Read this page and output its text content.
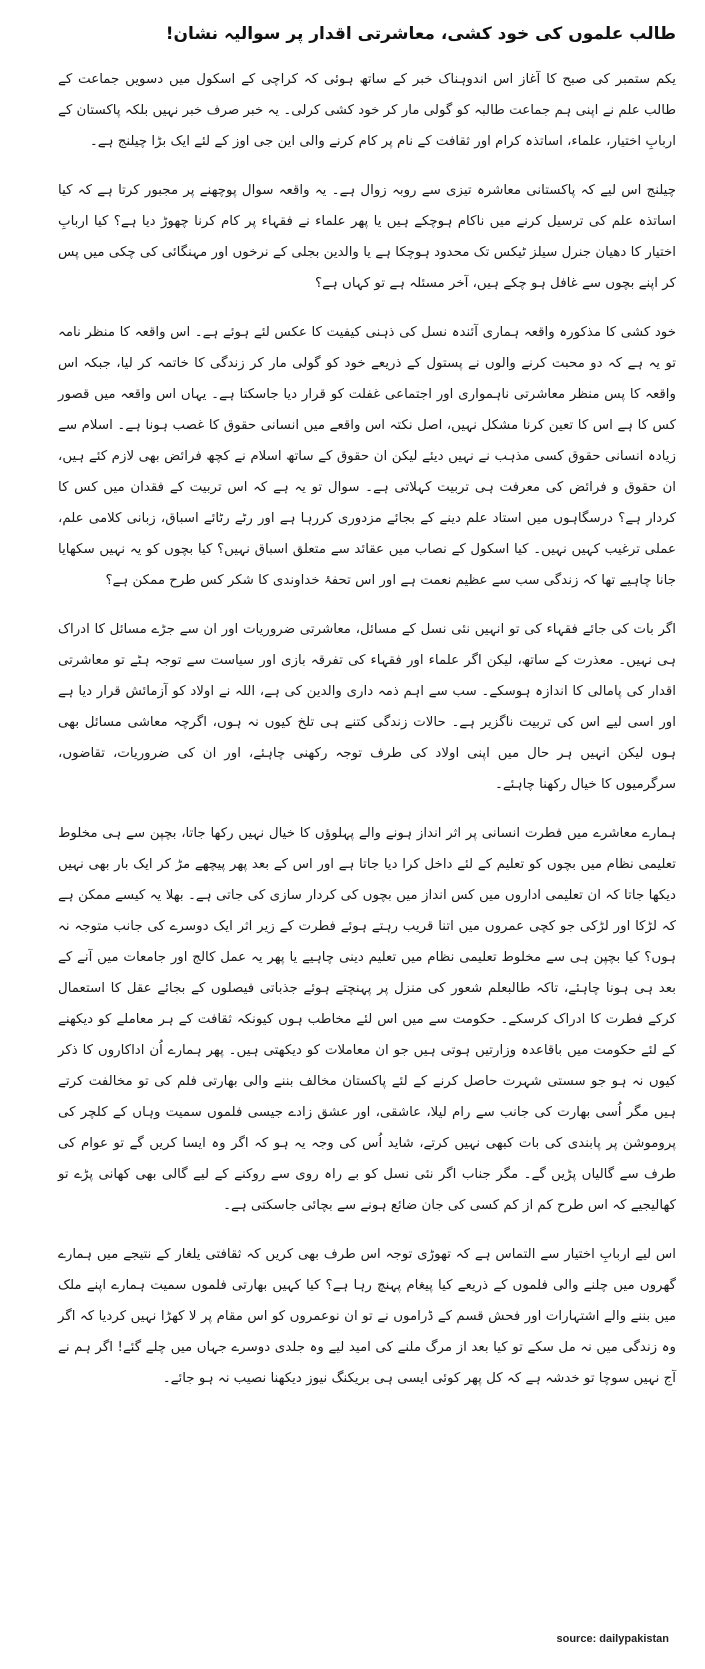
طالب علموں کی خود کشی، معاشرتی اقدار پر سوالیہ نشان!

یکم ستمبر کی صبح کا آغاز اس اندوہناک خبر کے ساتھ ہوئی کہ کراچی کے اسکول میں دسویں جماعت کے طالب علم نے اپنی ہم جماعت طالبہ کو گولی مار کر خود کشی کرلی۔ یہ خبر صرف خبر نہیں بلکہ پاکستان کے اربابِ اختیار، علماء، اساتذہ کرام اور ثقافت کے نام پر کام کرنے والی این جی اوز کے لئے ایک بڑا چیلنج ہے۔

چیلنج اس لیے کہ پاکستانی معاشرہ تیزی سے روبہ زوال ہے۔ یہ واقعہ سوال پوچھنے پر مجبور کرتا ہے کہ کیا اساتذہ علم کی ترسیل کرنے میں ناکام ہوچکے ہیں یا پھر علماء نے فقہاء پر کام کرنا چھوڑ دیا ہے؟ کیا اربابِ اختیار کا دھیان جنرل سیلز ٹیکس تک محدود ہوچکا ہے یا والدین بجلی کے نرخوں اور مہنگائی کی چکی میں پس کر اپنے بچوں سے غافل ہو چکے ہیں، آخر مسئلہ ہے تو کہاں ہے؟

خود کشی کا مذکورہ واقعہ ہماری آئندہ نسل کی ذہنی کیفیت کا عکس لئے ہوئے ہے۔ اس واقعہ کا منظر نامہ تو یہ ہے کہ دو محبت کرنے والوں نے پستول کے ذریعے خود کو گولی مار کر زندگی کا خاتمہ کر لیا، جبکہ اس واقعہ کا پس منظر معاشرتی ناہمواری اور اجتماعی غفلت کو قرار دیا جاسکتا ہے۔ یہاں اس واقعہ میں قصور کس کا ہے اس کا تعین کرنا مشکل نہیں، اصل نکتہ اس واقعے میں انسانی حقوق کا غصب ہونا ہے۔ اسلام سے زیادہ انسانی حقوق کسی مذہب نے نہیں دیئے لیکن ان حقوق کے ساتھ اسلام نے کچھ فرائض بھی لازم کئے ہیں، ان حقوق و فرائض کی معرفت ہی تربیت کہلاتی ہے۔ سوال تو یہ ہے کہ اس تربیت کے فقدان میں کس کا کردار ہے؟ درسگاہوں میں استاد علم دینے کے بجائے مزدوری کررہا ہے اور رٹے رٹائے اسباق، زبانی کلامی علم، عملی ترغیب کہیں نہیں۔ کیا اسکول کے نصاب میں عقائد سے متعلق اسباق نہیں؟ کیا بچوں کو یہ نہیں سکھایا جانا چاہیے تھا کہ زندگی سب سے عظیم نعمت ہے اور اس تحفۂ خداوندی کا شکر کس طرح ممکن ہے؟

اگر بات کی جائے فقہاء کی تو انہیں نئی نسل کے مسائل، معاشرتی ضروریات اور ان سے جڑے مسائل کا ادراک ہی نہیں۔ معذرت کے ساتھ، لیکن اگر علماء اور فقہاء کی تفرقہ بازی اور سیاست سے توجہ ہٹے تو معاشرتی اقدار کی پامالی کا اندازہ ہوسکے۔ سب سے اہم ذمہ داری والدین کی ہے، اللہ نے اولاد کو آزمائش قرار دیا ہے اور اسی لیے اس کی تربیت ناگزیر ہے۔ حالات زندگی کتنے ہی تلخ کیوں نہ ہوں، اگرچہ معاشی مسائل بھی ہوں لیکن انہیں ہر حال میں اپنی اولاد کی طرف توجہ رکھنی چاہئے، اور ان کی ضروریات، تقاضوں، سرگرمیوں کا خیال رکھنا چاہئے۔

ہمارے معاشرے میں فطرت انسانی پر اثر انداز ہونے والے پہلوؤں کا خیال نہیں رکھا جاتا، بچپن سے ہی مخلوط تعلیمی نظام میں بچوں کو تعلیم کے لئے داخل کرا دیا جاتا ہے اور اس کے بعد پھر پیچھے مڑ کر ایک بار بھی نہیں دیکھا جاتا کہ ان تعلیمی اداروں میں کس انداز میں بچوں کی کردار سازی کی جاتی ہے۔ بھلا یہ کیسے ممکن ہے کہ لڑکا اور لڑکی جو کچی عمروں میں اتنا قریب رہتے ہوئے فطرت کے زیر اثر ایک دوسرے کی جانب متوجہ نہ ہوں؟ کیا بچپن ہی سے مخلوط تعلیمی نظام میں تعلیم دینی چاہیے یا پھر یہ عمل کالج اور جامعات میں آنے کے بعد ہی ہونا چاہئے، تاکہ طالبعلم شعور کی منزل پر پہنچتے ہوئے جذباتی فیصلوں کے بجائے عقل کا استعمال کرکے فطرت کا ادراک کرسکے۔ حکومت سے میں اس لئے مخاطب ہوں کیونکہ ثقافت کے ہر معاملے کو دیکھنے کے لئے حکومت میں باقاعدہ وزارتیں ہوتی ہیں جو ان معاملات کو دیکھتی ہیں۔ پھر ہمارے اُن اداکاروں کا ذکر کیوں نہ ہو جو سستی شہرت حاصل کرنے کے لئے پاکستان مخالف بننے والی بھارتی فلم کی تو مخالفت کرتے ہیں مگر اُسی بھارت کی جانب سے رام لیلا، عاشقی، اور عشق زادے جیسی فلموں سمیت وہاں کے کلچر کی پروموشن پر پابندی کی بات کبھی نہیں کرتے، شاید اُس کی وجہ یہ ہو کہ اگر وہ ایسا کریں گے تو عوام کی طرف سے گالیاں پڑیں گے۔ مگر جناب اگر نئی نسل کو بے راہ روی سے روکنے کے لیے گالی بھی کھانی پڑے تو کھالیجیے کہ اس طرح کم از کم کسی کی جان ضائع ہونے سے بچائی جاسکتی ہے۔

اس لیے اربابِ اختیار سے التماس ہے کہ تھوڑی توجہ اس طرف بھی کریں کہ ثقافتی یلغار کے نتیجے میں ہمارے گھروں میں چلنے والی فلموں کے ذریعے کیا پیغام پہنچ رہا ہے؟ کیا کہیں بھارتی فلموں سمیت ہمارے اپنے ملک میں بننے والے اشتہارات اور فحش قسم کے ڈراموں نے تو ان نوعمروں کو اس مقام پر لا کھڑا نہیں کردیا کہ اگر وہ زندگی میں نہ مل سکے تو کیا بعد از مرگ ملنے کی امید لیے وہ جلدی دوسرے جہاں میں چلے گئے! اگر ہم نے آج نہیں سوچا تو خدشہ ہے کہ کل پھر کوئی ایسی ہی بریکنگ نیوز دیکھنا نصیب نہ ہو جائے۔

source: dailypakistan
